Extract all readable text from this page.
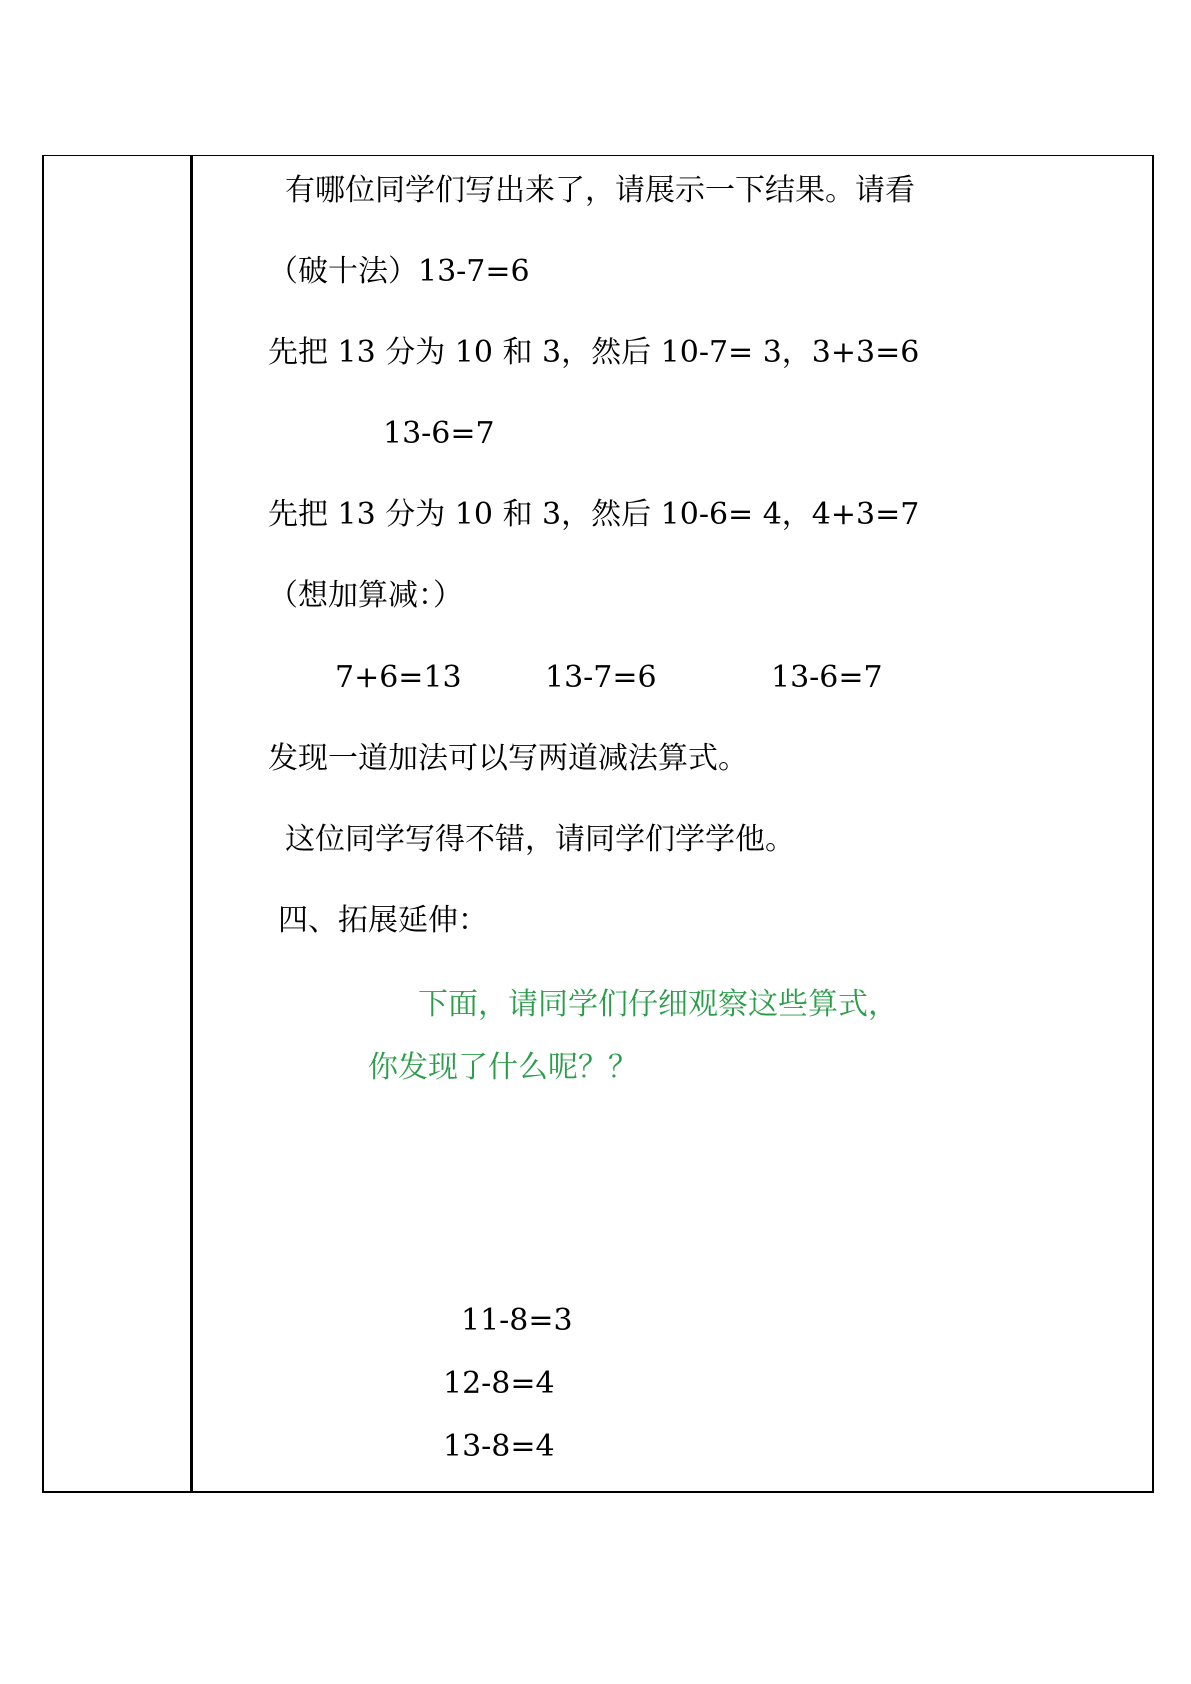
有哪位同学们写出来了，请展示一下结果。请看
（破十法）13-7=6
先把 13 分为 10 和 3，然后 10-7= 3，3+3=6
13-6=7
先把 13 分为 10 和 3，然后 10-6= 4，4+3=7
（想加算减：）
7+6=13	13-7=6	13-6=7
发现一道加法可以写两道减法算式。
这位同学写得不错，请同学们学学他。
四、拓展延伸：
下面，请同学们仔细观察这些算式，
你发现了什么呢？？
11-8=3
12-8=4
13-8=4
